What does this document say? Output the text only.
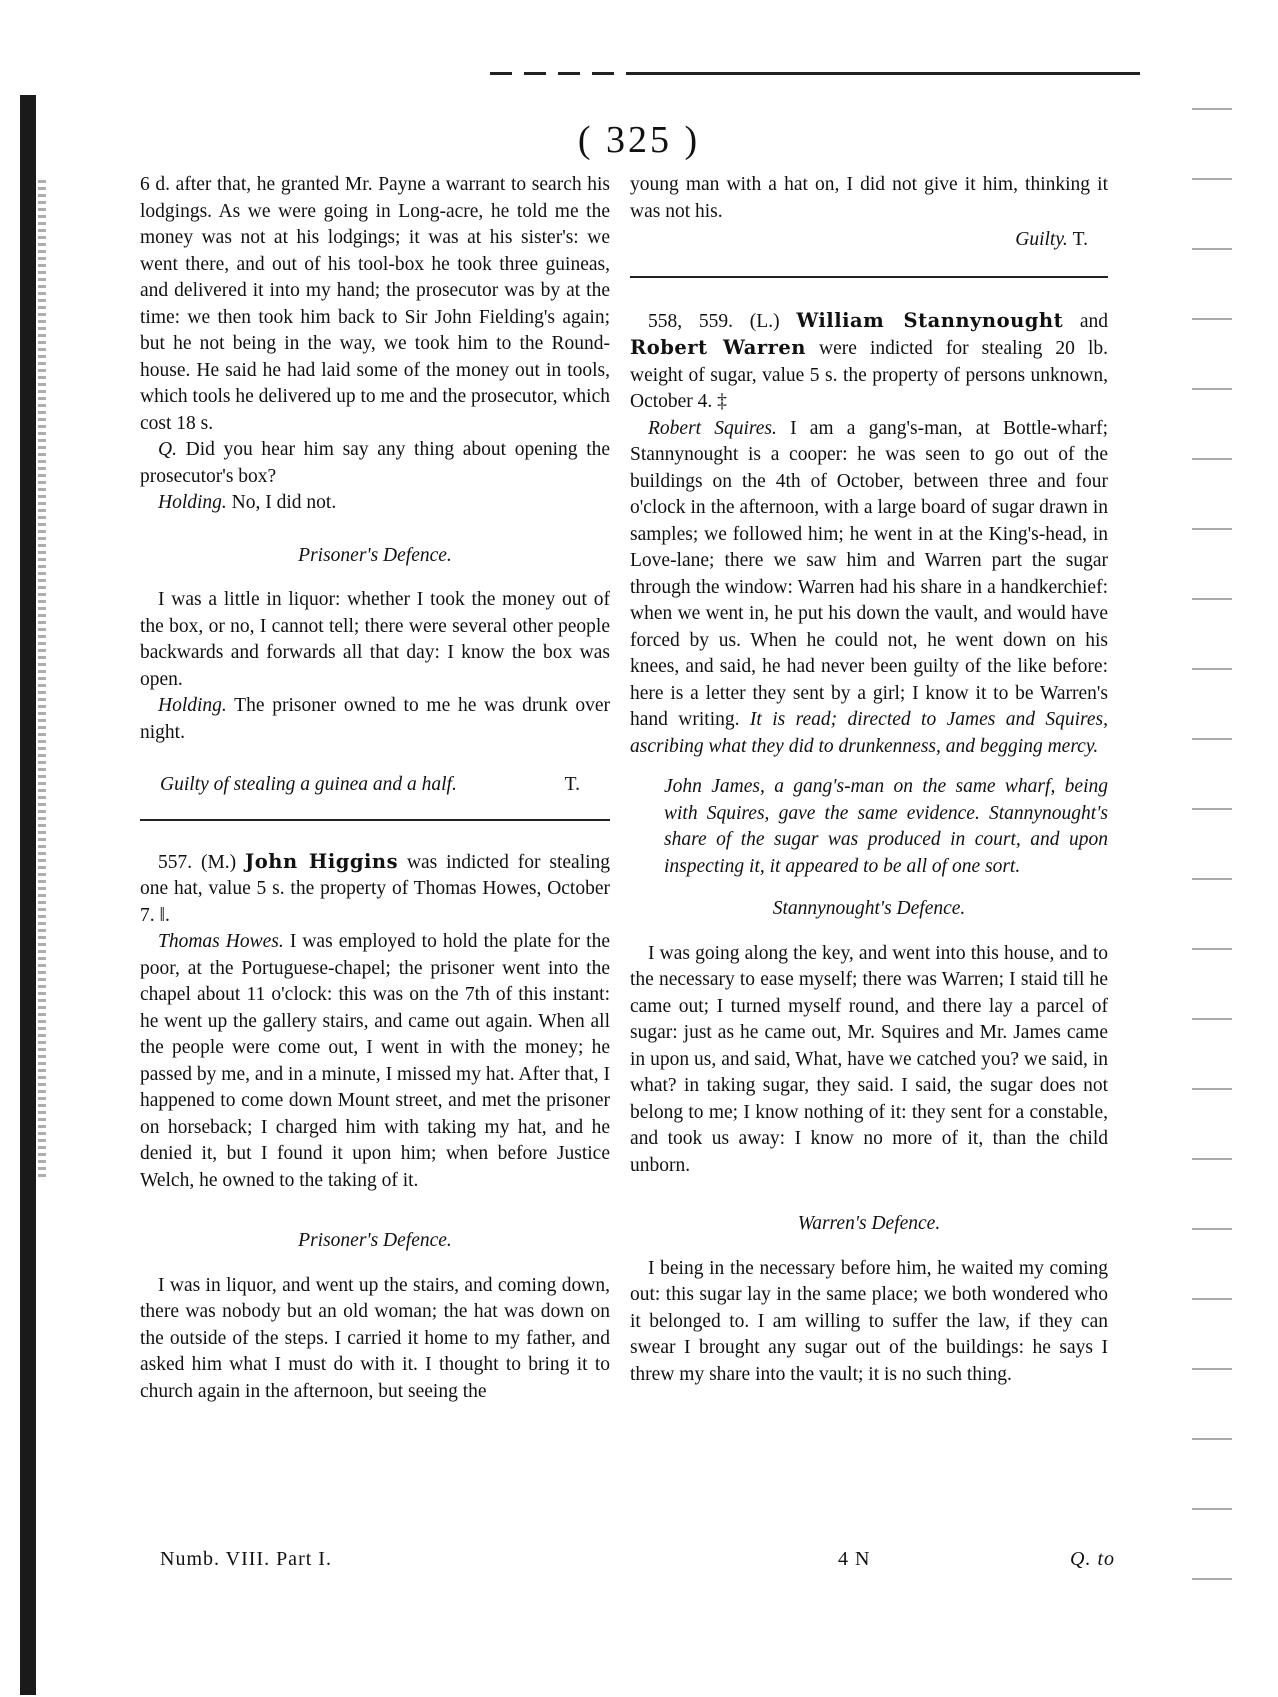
( 325 )

6 d. after that, he granted Mr. Payne a warrant to search his lodgings. As we were going in Long-acre, he told me the money was not at his lodgings; it was at his sister's: we went there, and out of his tool-box he took three guineas, and delivered it into my hand; the prosecutor was by at the time: we then took him back to Sir John Fielding's again; but he not being in the way, we took him to the Round-house. He said he had laid some of the money out in tools, which tools he delivered up to me and the prosecutor, which cost 18 s.

Q. Did you hear him say any thing about opening the prosecutor's box?

Holding. No, I did not.

Prisoner's Defence.

I was a little in liquor: whether I took the money out of the box, or no, I cannot tell; there were several other people backwards and forwards all that day: I know the box was open.

Holding. The prisoner owned to me he was drunk over night.

Guilty of stealing a guinea and a half.	T.

557. (M.) John Higgins was indicted for stealing one hat, value 5 s. the property of Thomas Howes, October 7. ‖.

Thomas Howes. I was employed to hold the plate for the poor, at the Portuguese-chapel; the prisoner went into the chapel about 11 o'clock: this was on the 7th of this instant: he went up the gallery stairs, and came out again. When all the people were come out, I went in with the money; he passed by me, and in a minute, I missed my hat. After that, I happened to come down Mount street, and met the prisoner on horseback; I charged him with taking my hat, and he denied it, but I found it upon him; when before Justice Welch, he owned to the taking of it.

Prisoner's Defence.

I was in liquor, and went up the stairs, and coming down, there was nobody but an old woman; the hat was down on the outside of the steps. I carried it home to my father, and asked him what I must do with it. I thought to bring it to church again in the afternoon, but seeing the

young man with a hat on, I did not give it him, thinking it was not his.

Guilty. T.

558, 559. (L.) William Stannynought and Robert Warren were indicted for stealing 20 lb. weight of sugar, value 5 s. the property of persons unknown, October 4. ‡

Robert Squires. I am a gang's-man, at Bottle-wharf; Stannynought is a cooper: he was seen to go out of the buildings on the 4th of October, between three and four o'clock in the afternoon, with a large board of sugar drawn in samples; we followed him; he went in at the King's-head, in Love-lane; there we saw him and Warren part the sugar through the window: Warren had his share in a handkerchief: when we went in, he put his down the vault, and would have forced by us. When he could not, he went down on his knees, and said, he had never been guilty of the like before: here is a letter they sent by a girl; I know it to be Warren's hand writing. It is read; directed to James and Squires, ascribing what they did to drunkenness, and begging mercy.

John James, a gang's-man on the same wharf, being with Squires, gave the same evidence. Stannynought's share of the sugar was produced in court, and upon inspecting it, it appeared to be all of one sort.

Stannynought's Defence.

I was going along the key, and went into this house, and to the necessary to ease myself; there was Warren; I staid till he came out; I turned myself round, and there lay a parcel of sugar: just as he came out, Mr. Squires and Mr. James came in upon us, and said, What, have we catched you? we said, in what? in taking sugar, they said. I said, the sugar does not belong to me; I know nothing of it: they sent for a constable, and took us away: I know no more of it, than the child unborn.

Warren's Defence.

I being in the necessary before him, he waited my coming out: this sugar lay in the same place; we both wondered who it belonged to. I am willing to suffer the law, if they can swear I brought any sugar out of the buildings: he says I threw my share into the vault; it is no such thing.

Numb. VIII. Part I.	4 N	Q. to
